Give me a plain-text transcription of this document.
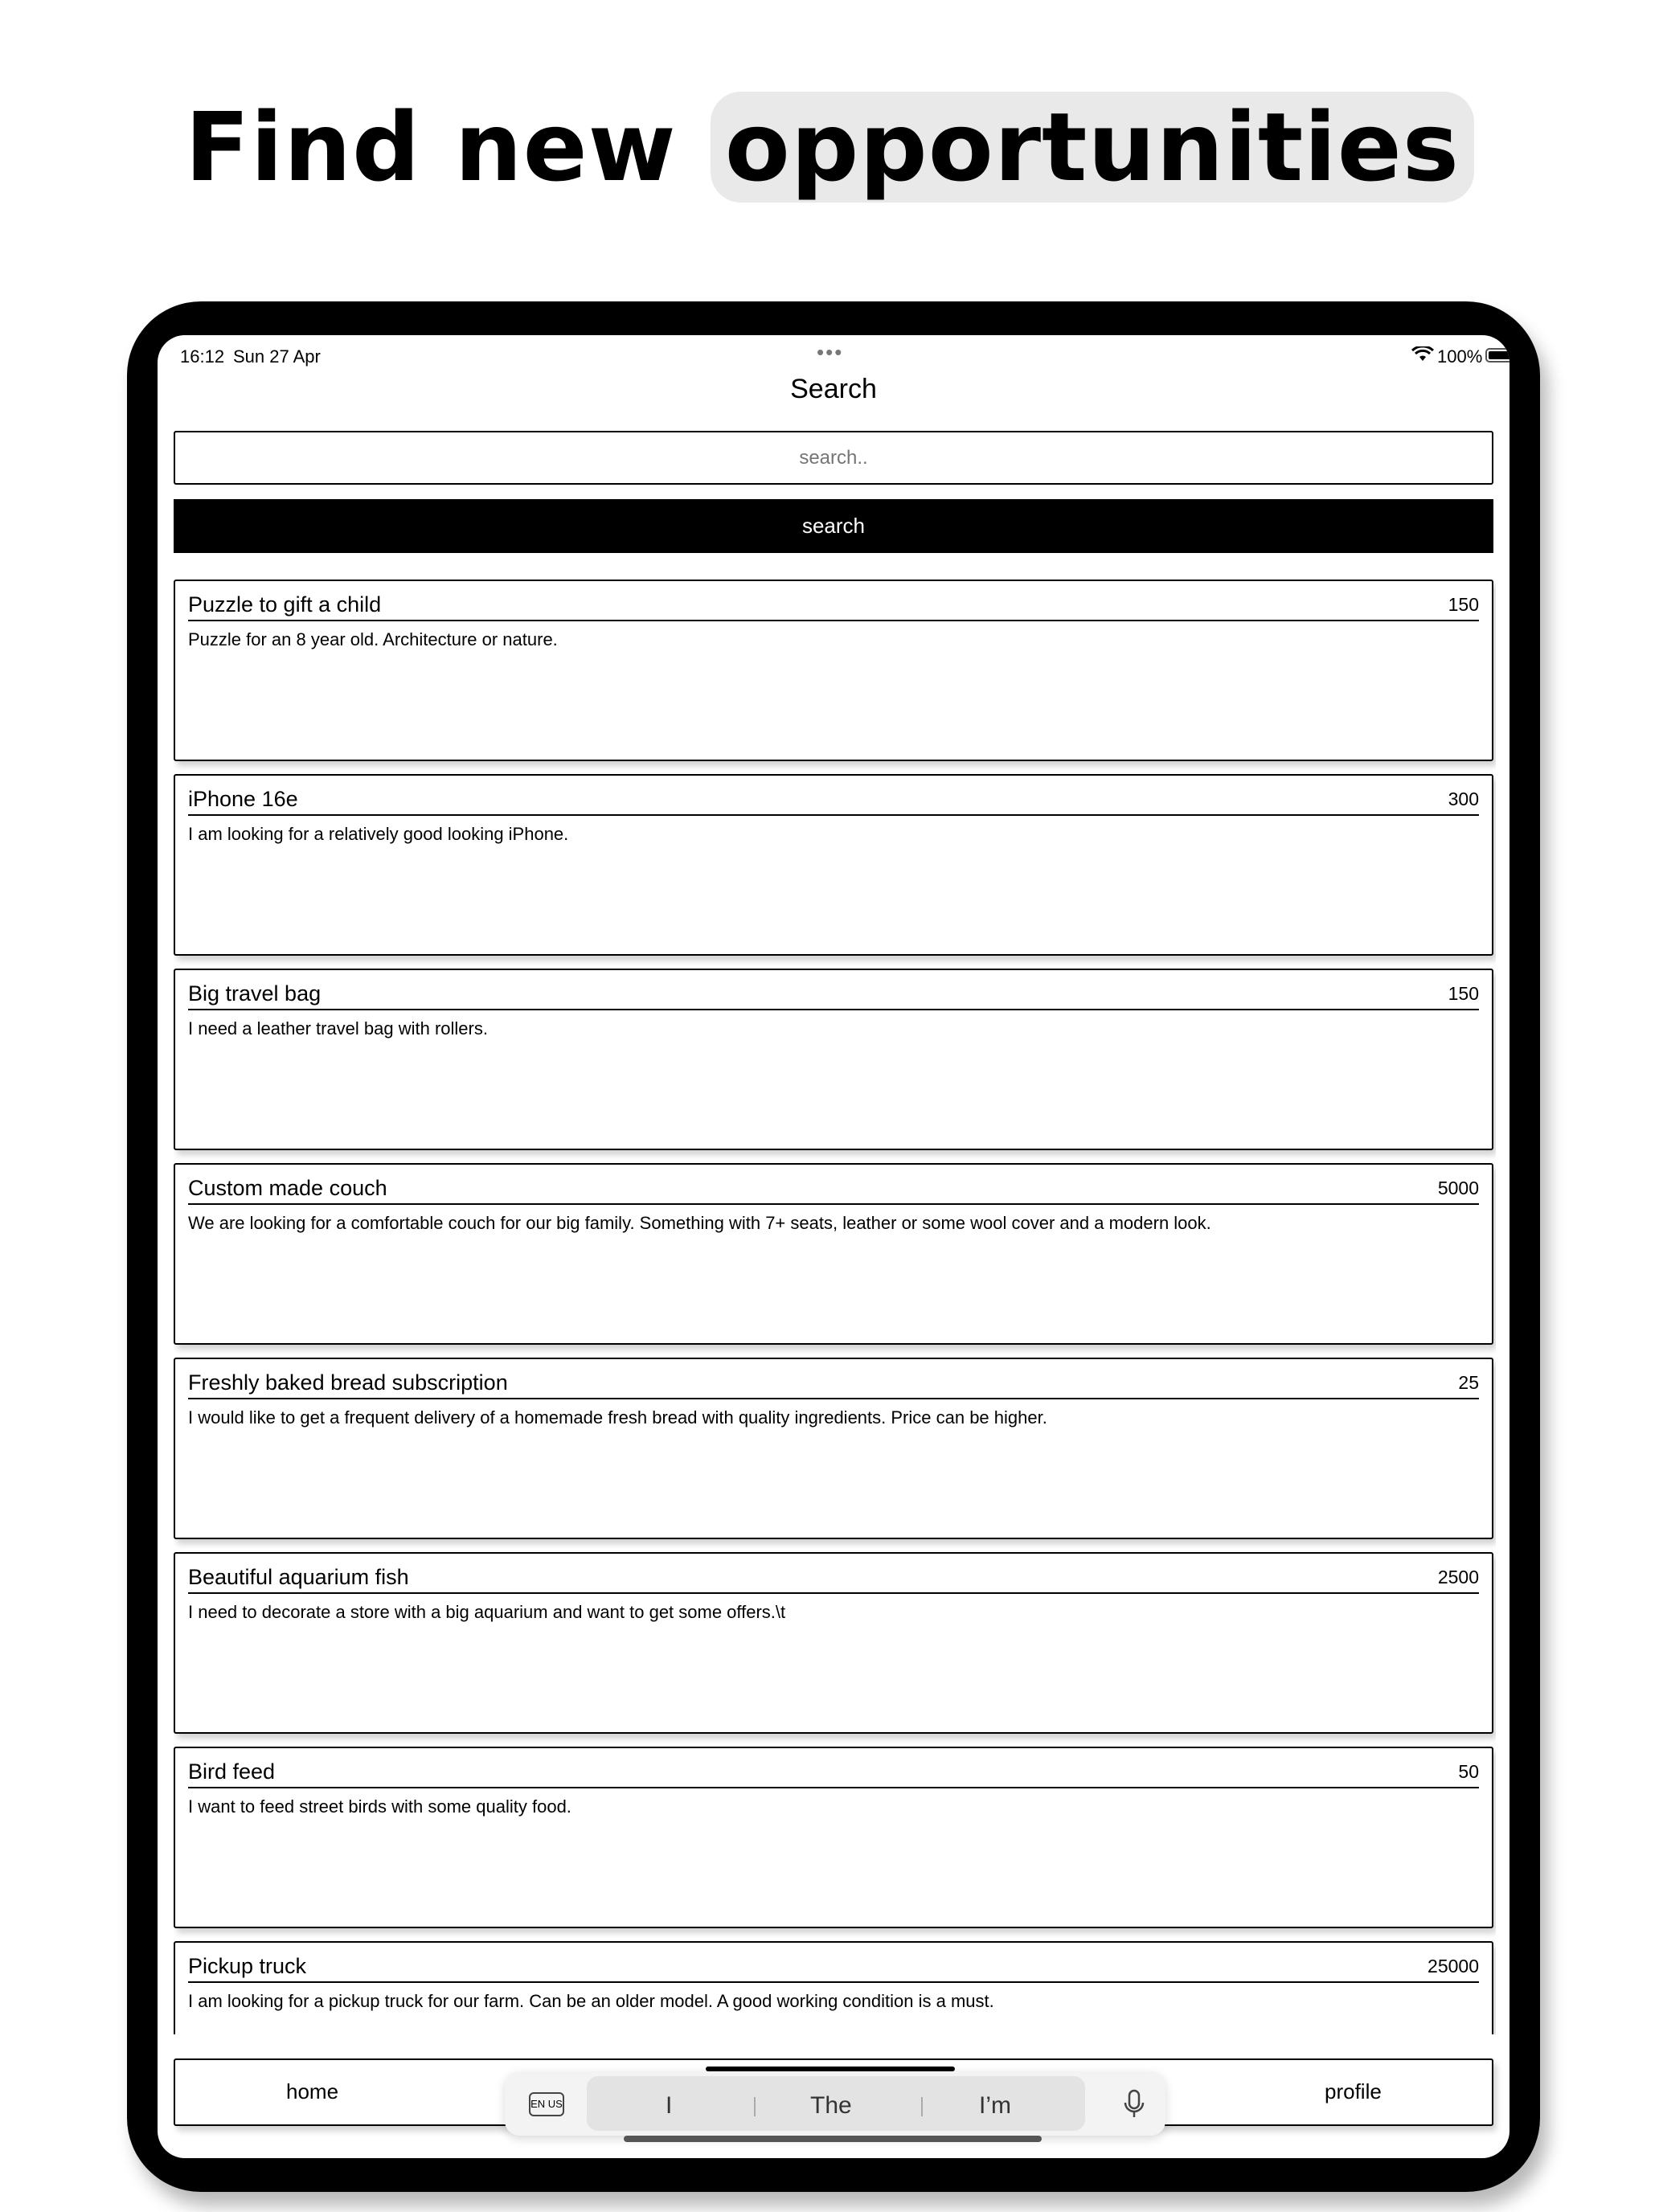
Find new opportunities
16:12 Sun 27 Apr	•••	100%
Search
search..
search
Puzzle to gift a child	150
Puzzle for an 8 year old. Architecture or nature.
iPhone 16e	300
I am looking for a relatively good looking iPhone.
Big travel bag	150
I need a leather travel bag with rollers.
Custom made couch	5000
We are looking for a comfortable couch for our big family. Something with 7+ seats, leather or some wool cover and a modern look.
Freshly baked bread subscription	25
I would like to get a frequent delivery of a homemade fresh bread with quality ingredients. Price can be higher.
Beautiful aquarium fish	2500
I need to decorate a store with a big aquarium and want to get some offers.\t
Bird feed	50
I want to feed street birds with some quality food.
Pickup truck	25000
I am looking for a pickup truck for our farm. Can be an older model. A good working condition is a must.
home	profile
EN US	I	The	I’m
